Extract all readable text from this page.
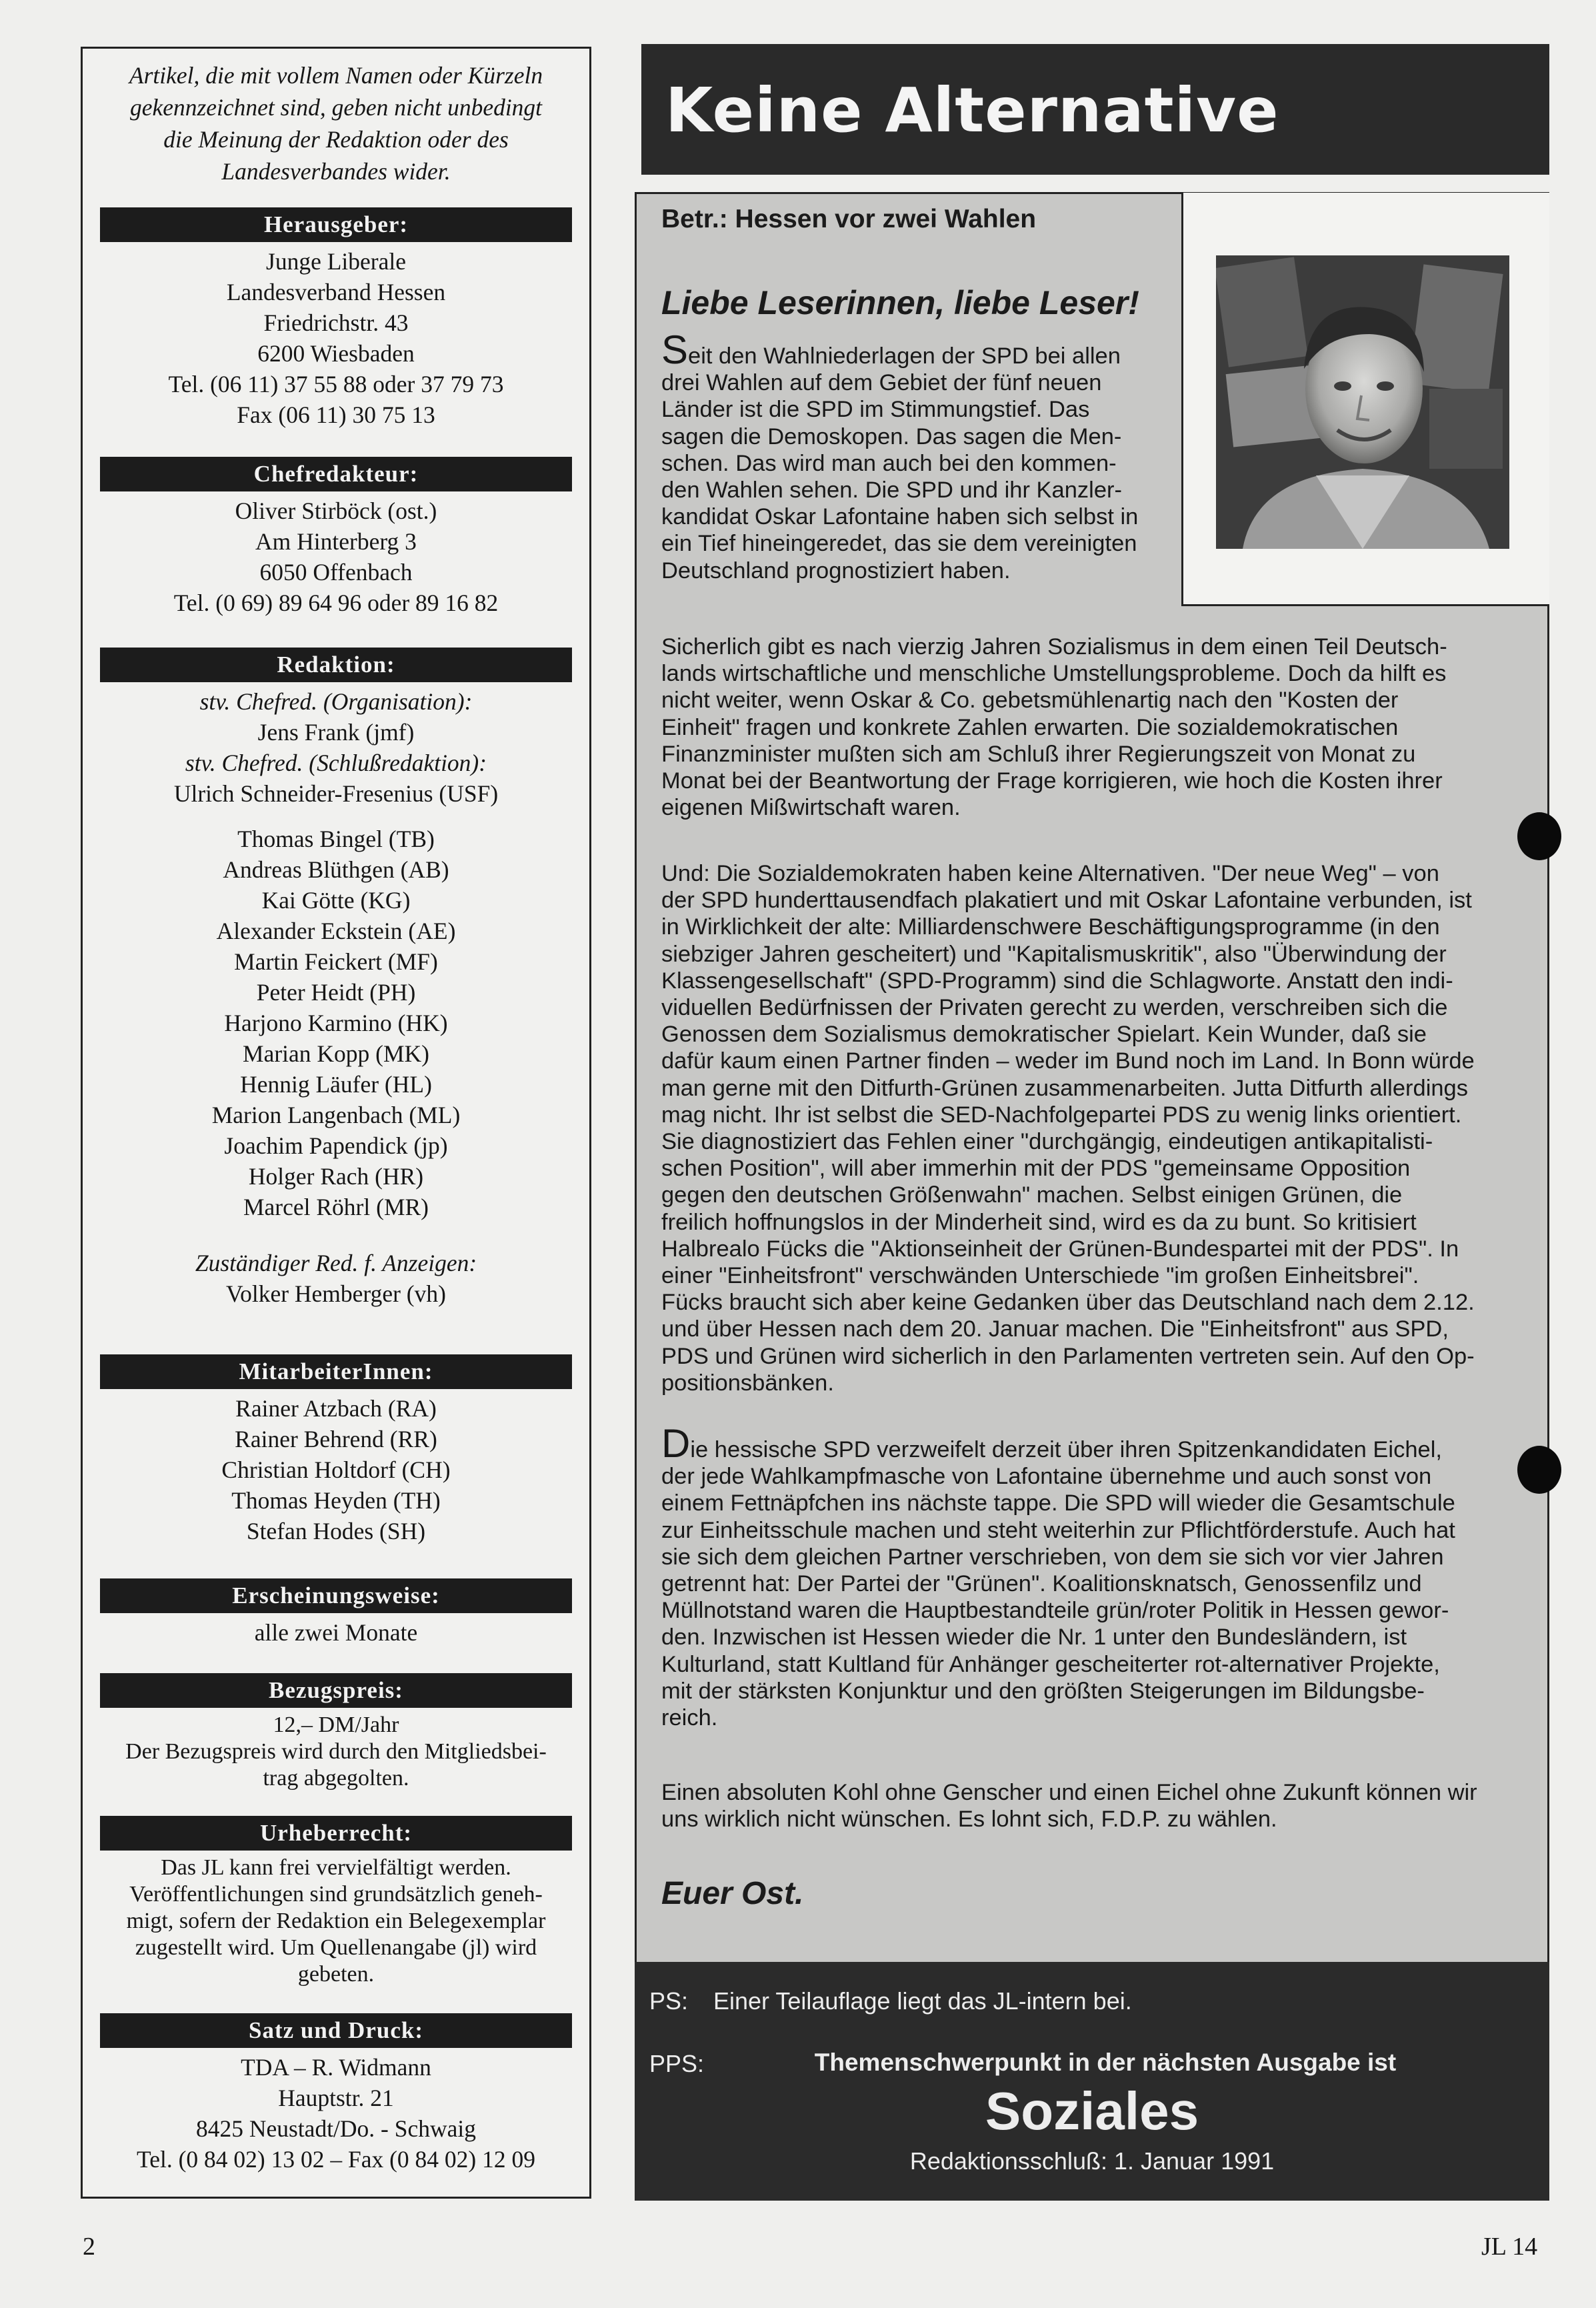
Artikel, die mit vollem Namen oder Kürzeln
gekennzeichnet sind, geben nicht unbedingt
die Meinung der Redaktion oder des
Landesverbandes wider.
Herausgeber:
Junge Liberale
Landesverband Hessen
Friedrichstr. 43
6200 Wiesbaden
Tel. (06 11) 37 55 88 oder 37 79 73
Fax (06 11) 30 75 13
Chefredakteur:
Oliver Stirböck (ost.)
Am Hinterberg 3
6050 Offenbach
Tel. (0 69) 89 64 96 oder 89 16 82
Redaktion:
stv. Chefred. (Organisation):
Jens Frank (jmf)
stv. Chefred. (Schlußredaktion):
Ulrich Schneider-Fresenius (USF)
Thomas Bingel (TB)
Andreas Blüthgen (AB)
Kai Götte (KG)
Alexander Eckstein (AE)
Martin Feickert (MF)
Peter Heidt (PH)
Harjono Karmino (HK)
Marian Kopp (MK)
Hennig Läufer (HL)
Marion Langenbach (ML)
Joachim Papendick (jp)
Holger Rach (HR)
Marcel Röhrl (MR)
Zuständiger Red. f. Anzeigen:
Volker Hemberger (vh)
MitarbeiterInnen:
Rainer Atzbach (RA)
Rainer Behrend (RR)
Christian Holtdorf (CH)
Thomas Heyden (TH)
Stefan Hodes (SH)
Erscheinungsweise:
alle zwei Monate
Bezugspreis:
12,– DM/Jahr
Der Bezugspreis wird durch den Mitgliedsbei-
trag abgegolten.
Urheberrecht:
Das JL kann frei vervielfältigt werden.
Veröffentlichungen sind grundsätzlich geneh-
migt, sofern der Redaktion ein Belegexemplar
zugestellt wird. Um Quellenangabe (jl) wird
gebeten.
Satz und Druck:
TDA – R. Widmann
Hauptstr. 21
8425 Neustadt/Do. - Schwaig
Tel. (0 84 02) 13 02 – Fax (0 84 02) 12 09
Keine Alternative
Betr.: Hessen vor zwei Wahlen
Liebe Leserinnen, liebe Leser!
Seit den Wahlniederlagen der SPD bei allen
drei Wahlen auf dem Gebiet der fünf neuen
Länder ist die SPD im Stimmungstief. Das
sagen die Demoskopen. Das sagen die Men-
schen. Das wird man auch bei den kommen-
den Wahlen sehen. Die SPD und ihr Kanzler-
kandidat Oskar Lafontaine haben sich selbst in
ein Tief hineingeredet, das sie dem vereinigten
Deutschland prognostiziert haben.
Sicherlich gibt es nach vierzig Jahren Sozialismus in dem einen Teil Deutsch-
lands wirtschaftliche und menschliche Umstellungsprobleme. Doch da hilft es
nicht weiter, wenn Oskar & Co. gebetsmühlenartig nach den "Kosten der
Einheit" fragen und konkrete Zahlen erwarten. Die sozialdemokratischen
Finanzminister mußten sich am Schluß ihrer Regierungszeit von Monat zu
Monat bei der Beantwortung der Frage korrigieren, wie hoch die Kosten ihrer
eigenen Mißwirtschaft waren.
Und: Die Sozialdemokraten haben keine Alternativen. "Der neue Weg" – von
der SPD hunderttausendfach plakatiert und mit Oskar Lafontaine verbunden, ist
in Wirklichkeit der alte: Milliardenschwere Beschäftigungsprogramme (in den
siebziger Jahren gescheitert) und "Kapitalismuskritik", also "Überwindung der
Klassengesellschaft" (SPD-Programm) sind die Schlagworte. Anstatt den indi-
viduellen Bedürfnissen der Privaten gerecht zu werden, verschreiben sich die
Genossen dem Sozialismus demokratischer Spielart. Kein Wunder, daß sie
dafür kaum einen Partner finden – weder im Bund noch im Land. In Bonn würde
man gerne mit den Ditfurth-Grünen zusammenarbeiten. Jutta Ditfurth allerdings
mag nicht. Ihr ist selbst die SED-Nachfolgepartei PDS zu wenig links orientiert.
Sie diagnostiziert das Fehlen einer "durchgängig, eindeutigen antikapitalisti-
schen Position", will aber immerhin mit der PDS "gemeinsame Opposition
gegen den deutschen Größenwahn" machen. Selbst einigen Grünen, die
freilich hoffnungslos in der Minderheit sind, wird es da zu bunt. So kritisiert
Halbrealo Fücks die "Aktionseinheit der Grünen-Bundespartei mit der PDS". In
einer "Einheitsfront" verschwänden Unterschiede "im großen Einheitsbrei".
Fücks braucht sich aber keine Gedanken über das Deutschland nach dem 2.12.
und über Hessen nach dem 20. Januar machen. Die "Einheitsfront" aus SPD,
PDS und Grünen wird sicherlich in den Parlamenten vertreten sein. Auf den Op-
positionsbänken.
Die hessische SPD verzweifelt derzeit über ihren Spitzenkandidaten Eichel,
der jede Wahlkampfmasche von Lafontaine übernehme und auch sonst von
einem Fettnäpfchen ins nächste tappe. Die SPD will wieder die Gesamtschule
zur Einheitsschule machen und steht weiterhin zur Pflichtförderstufe. Auch hat
sie sich dem gleichen Partner verschrieben, von dem sie sich vor vier Jahren
getrennt hat: Der Partei der "Grünen". Koalitionsknatsch, Genossenfilz und
Müllnotstand waren die Hauptbestandteile grün/roter Politik in Hessen gewor-
den. Inzwischen ist Hessen wieder die Nr. 1 unter den Bundesländern, ist
Kulturland, statt Kultland für Anhänger gescheiterter rot-alternativer Projekte,
mit der stärksten Konjunktur und den größten Steigerungen im Bildungsbe-
reich.
Einen absoluten Kohl ohne Genscher und einen Eichel ohne Zukunft können wir
uns wirklich nicht wünschen. Es lohnt sich, F.D.P. zu wählen.
Euer Ost.
PS: Einer Teilauflage liegt das JL-intern bei.
PPS:	Themenschwerpunkt in der nächsten Ausgabe ist
Soziales
Redaktionsschluß: 1. Januar 1991
2	JL 14
